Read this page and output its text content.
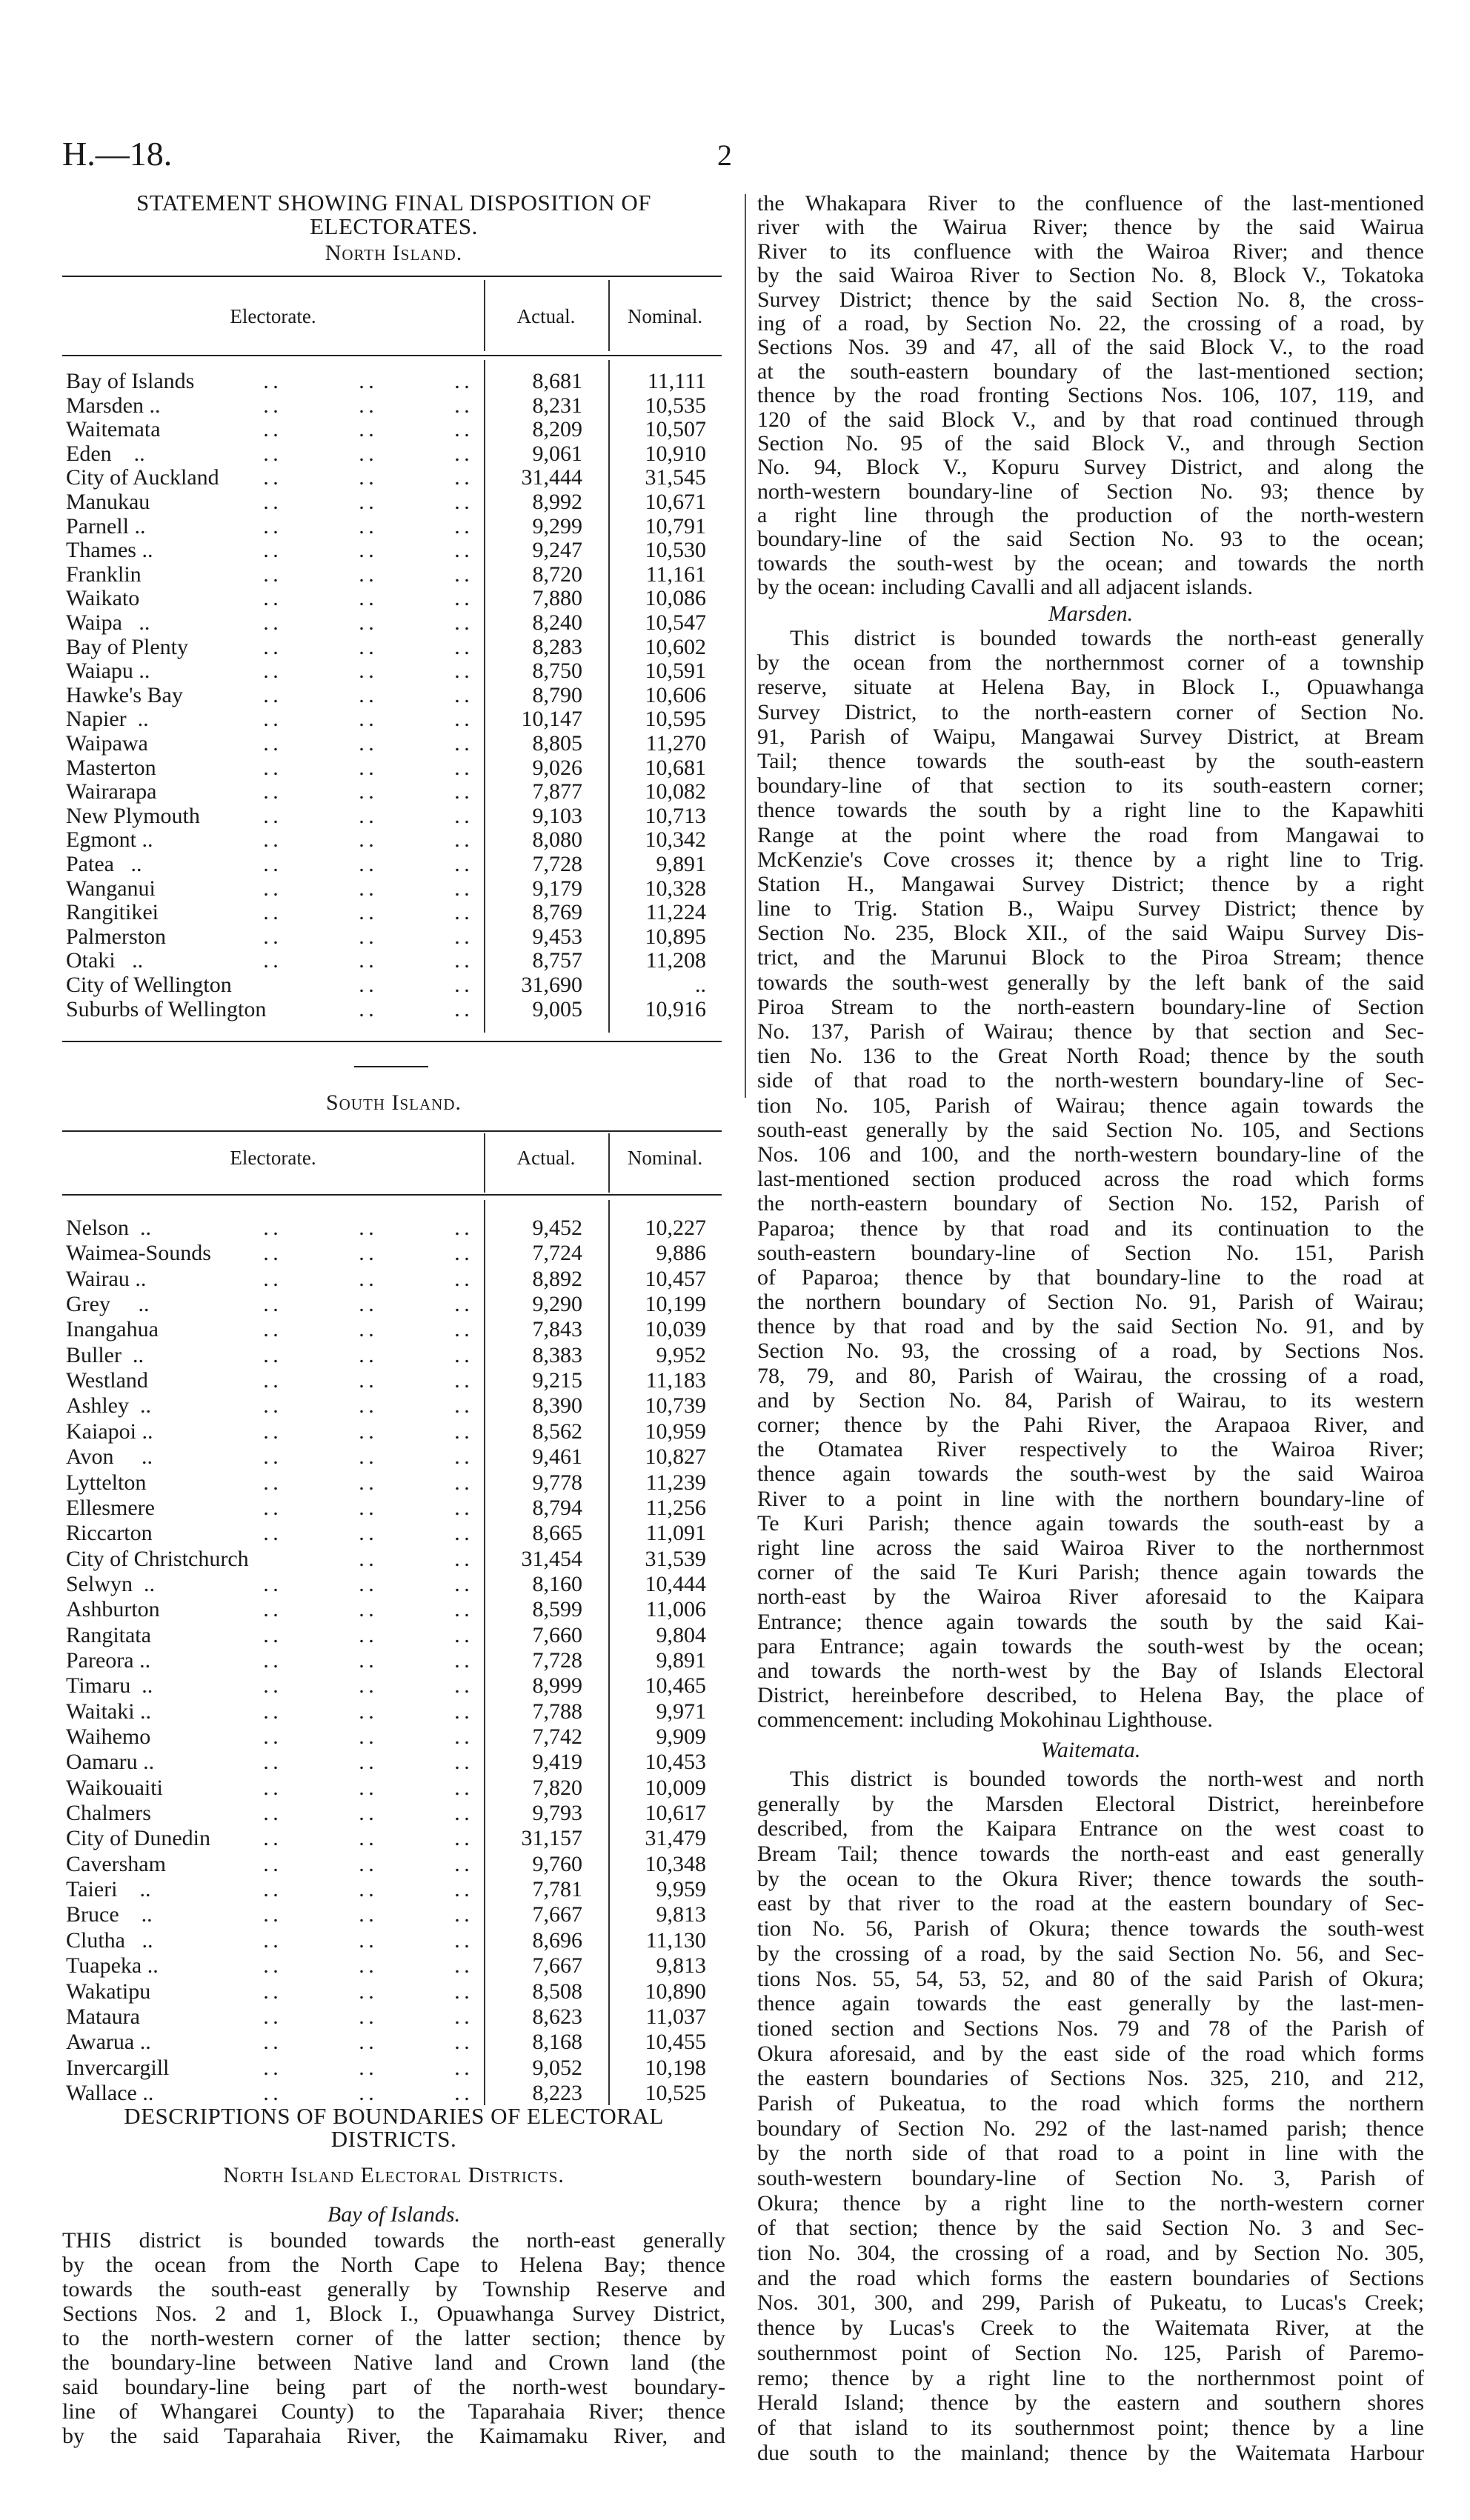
H.—18.	2
STATEMENT SHOWING FINAL DISPOSITION OF
ELECTORATES.
North Island.
Electorate.	Actual.	Nominal.
Bay of Islands . . . . . .	8,681	11,111
Marsden .. . . . . . .	8,231	10,535
Waitemata . . . . . .	8,209	10,507
Eden    .. . . . . . .	9,061	10,910
City of Auckland . . . . . .	31,444	31,545
Manukau . . . . . .	8,992	10,671
Parnell .. . . . . . .	9,299	10,791
Thames .. . . . . . .	9,247	10,530
Franklin . . . . . .	8,720	11,161
Waikato . . . . . .	7,880	10,086
Waipa   .. . . . . . .	8,240	10,547
Bay of Plenty . . . . . .	8,283	10,602
Waiapu .. . . . . . .	8,750	10,591
Hawke's Bay . . . . . .	8,790	10,606
Napier  .. . . . . . .	10,147	10,595
Waipawa . . . . . .	8,805	11,270
Masterton . . . . . .	9,026	10,681
Wairarapa . . . . . .	7,877	10,082
New Plymouth . . . . . .	9,103	10,713
Egmont .. . . . . . .	8,080	10,342
Patea   .. . . . . . .	7,728	9,891
Wanganui . . . . . .	9,179	10,328
Rangitikei . . . . . .	8,769	11,224
Palmerston . . . . . .	9,453	10,895
Otaki   .. . . . . . .	8,757	11,208
City of Wellington . . . .	31,690	..
Suburbs of Wellington . . . .	9,005	10,916
South Island.
Electorate.	Actual.	Nominal.
Nelson  .. . . . . . .	9,452	10,227
Waimea-Sounds . . . . . .	7,724	9,886
Wairau .. . . . . . .	8,892	10,457
Grey     .. . . . . . .	9,290	10,199
Inangahua . . . . . .	7,843	10,039
Buller  .. . . . . . .	8,383	9,952
Westland . . . . . .	9,215	11,183
Ashley  .. . . . . . .	8,390	10,739
Kaiapoi .. . . . . . .	8,562	10,959
Avon     .. . . . . . .	9,461	10,827
Lyttelton . . . . . .	9,778	11,239
Ellesmere . . . . . .	8,794	11,256
Riccarton . . . . . .	8,665	11,091
City of Christchurch . . . .	31,454	31,539
Selwyn  .. . . . . . .	8,160	10,444
Ashburton . . . . . .	8,599	11,006
Rangitata . . . . . .	7,660	9,804
Pareora .. . . . . . .	7,728	9,891
Timaru  .. . . . . . .	8,999	10,465
Waitaki .. . . . . . .	7,788	9,971
Waihemo . . . . . .	7,742	9,909
Oamaru .. . . . . . .	9,419	10,453
Waikouaiti . . . . . .	7,820	10,009
Chalmers . . . . . .	9,793	10,617
City of Dunedin . . . . . .	31,157	31,479
Caversham . . . . . .	9,760	10,348
Taieri    .. . . . . . .	7,781	9,959
Bruce    .. . . . . . .	7,667	9,813
Clutha   .. . . . . . .	8,696	11,130
Tuapeka .. . . . . . .	7,667	9,813
Wakatipu . . . . . .	8,508	10,890
Mataura . . . . . .	8,623	11,037
Awarua .. . . . . . .	8,168	10,455
Invercargill . . . . . .	9,052	10,198
Wallace .. . . . . . .	8,223	10,525
DESCRIPTIONS OF BOUNDARIES OF ELECTORAL
DISTRICTS.
North Island Electoral Districts.
Bay of Islands.
THIS district is bounded towards the north-east generally
by the ocean from the North Cape to Helena Bay; thence
towards the south-east generally by Township Reserve and
Sections Nos. 2 and 1, Block I., Opuawhanga Survey District,
to the north-western corner of the latter section; thence by
the boundary-line between Native land and Crown land (the
said boundary-line being part of the north-west boundary-
line of Whangarei County) to the Taparahaia River; thence
by the said Taparahaia River, the Kaimamaku River, and
the Whakapara River to the confluence of the last-mentioned
river with the Wairua River; thence by the said Wairua
River to its confluence with the Wairoa River; and thence
by the said Wairoa River to Section No. 8, Block V., Tokatoka
Survey District; thence by the said Section No. 8, the cross-
ing of a road, by Section No. 22, the crossing of a road, by
Sections Nos. 39 and 47, all of the said Block V., to the road
at the south-eastern boundary of the last-mentioned section;
thence by the road fronting Sections Nos. 106, 107, 119, and
120 of the said Block V., and by that road continued through
Section No. 95 of the said Block V., and through Section
No. 94, Block V., Kopuru Survey District, and along the
north-western boundary-line of Section No. 93; thence by
a right line through the production of the north-western
boundary-line of the said Section No. 93 to the ocean;
towards the south-west by the ocean; and towards the north
by the ocean: including Cavalli and all adjacent islands.
Marsden.
This district is bounded towards the north-east generally
by the ocean from the northernmost corner of a township
reserve, situate at Helena Bay, in Block I., Opuawhanga
Survey District, to the north-eastern corner of Section No.
91, Parish of Waipu, Mangawai Survey District, at Bream
Tail; thence towards the south-east by the south-eastern
boundary-line of that section to its south-eastern corner;
thence towards the south by a right line to the Kapawhiti
Range at the point where the road from Mangawai to
McKenzie's Cove crosses it; thence by a right line to Trig.
Station H., Mangawai Survey District; thence by a right
line to Trig. Station B., Waipu Survey District; thence by
Section No. 235, Block XII., of the said Waipu Survey Dis-
trict, and the Marunui Block to the Piroa Stream; thence
towards the south-west generally by the left bank of the said
Piroa Stream to the north-eastern boundary-line of Section
No. 137, Parish of Wairau; thence by that section and Sec-
tien No. 136 to the Great North Road; thence by the south
side of that road to the north-western boundary-line of Sec-
tion No. 105, Parish of Wairau; thence again towards the
south-east generally by the said Section No. 105, and Sections
Nos. 106 and 100, and the north-western boundary-line of the
last-mentioned section produced across the road which forms
the north-eastern boundary of Section No. 152, Parish of
Paparoa; thence by that road and its continuation to the
south-eastern boundary-line of Section No. 151, Parish
of Paparoa; thence by that boundary-line to the road at
the northern boundary of Section No. 91, Parish of Wairau;
thence by that road and by the said Section No. 91, and by
Section No. 93, the crossing of a road, by Sections Nos.
78, 79, and 80, Parish of Wairau, the crossing of a road,
and by Section No. 84, Parish of Wairau, to its western
corner; thence by the Pahi River, the Arapaoa River, and
the Otamatea River respectively to the Wairoa River;
thence again towards the south-west by the said Wairoa
River to a point in line with the northern boundary-line of
Te Kuri Parish; thence again towards the south-east by a
right line across the said Wairoa River to the northernmost
corner of the said Te Kuri Parish; thence again towards the
north-east by the Wairoa River aforesaid to the Kaipara
Entrance; thence again towards the south by the said Kai-
para Entrance; again towards the south-west by the ocean;
and towards the north-west by the Bay of Islands Electoral
District, hereinbefore described, to Helena Bay, the place of
commencement: including Mokohinau Lighthouse.
Waitemata.
This district is bounded towords the north-west and north
generally by the Marsden Electoral District, hereinbefore
described, from the Kaipara Entrance on the west coast to
Bream Tail; thence towards the north-east and east generally
by the ocean to the Okura River; thence towards the south-
east by that river to the road at the eastern boundary of Sec-
tion No. 56, Parish of Okura; thence towards the south-west
by the crossing of a road, by the said Section No. 56, and Sec-
tions Nos. 55, 54, 53, 52, and 80 of the said Parish of Okura;
thence again towards the east generally by the last-men-
tioned section and Sections Nos. 79 and 78 of the Parish of
Okura aforesaid, and by the east side of the road which forms
the eastern boundaries of Sections Nos. 325, 210, and 212,
Parish of Pukeatua, to the road which forms the northern
boundary of Section No. 292 of the last-named parish; thence
by the north side of that road to a point in line with the
south-western boundary-line of Section No. 3, Parish of
Okura; thence by a right line to the north-western corner
of that section; thence by the said Section No. 3 and Sec-
tion No. 304, the crossing of a road, and by Section No. 305,
and the road which forms the eastern boundaries of Sections
Nos. 301, 300, and 299, Parish of Pukeatu, to Lucas's Creek;
thence by Lucas's Creek to the Waitemata River, at the
southernmost point of Section No. 125, Parish of Paremo-
remo; thence by a right line to the northernmost point of
Herald Island; thence by the eastern and southern shores
of that island to its southernmost point; thence by a line
due south to the mainland; thence by the Waitemata Harbour
